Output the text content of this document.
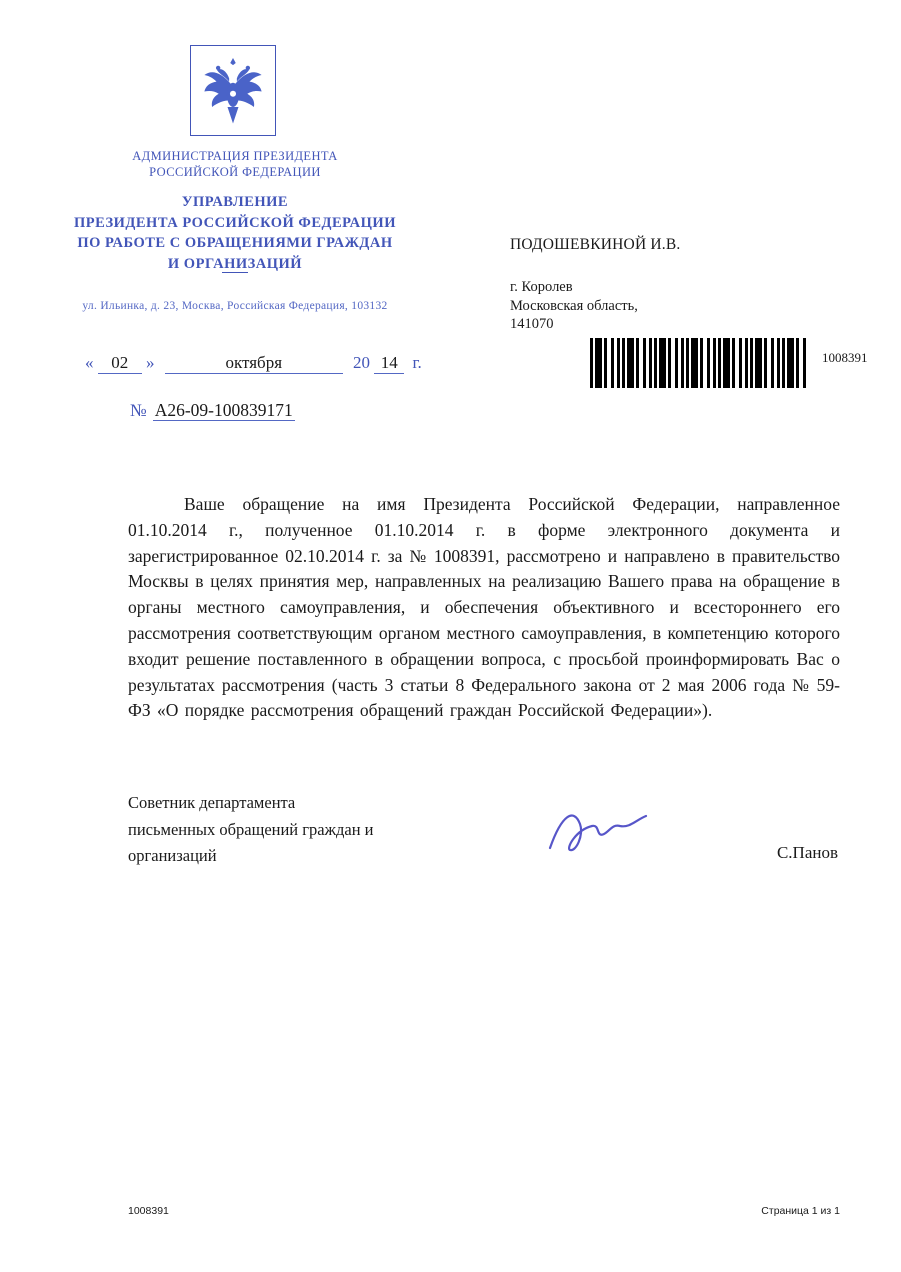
АДМИНИСТРАЦИЯ ПРЕЗИДЕНТА
РОССИЙСКОЙ ФЕДЕРАЦИИ
УПРАВЛЕНИЕ
ПРЕЗИДЕНТА РОССИЙСКОЙ ФЕДЕРАЦИИ
ПО РАБОТЕ С ОБРАЩЕНИЯМИ ГРАЖДАН
И ОРГАНИЗАЦИЙ
ул. Ильинка, д. 23, Москва, Российская Федерация, 103132
ПОДОШЕВКИНОЙ И.В.
г. Королев
Московская область,
141070
« 02 »	октября	20 14 г.
№ А26-09-100839171
1008391
Ваше обращение на имя Президента Российской Федерации, направленное 01.10.2014 г., полученное 01.10.2014 г. в форме электронного документа и зарегистрированное 02.10.2014 г. за № 1008391, рассмотрено и направлено в правительство Москвы в целях принятия мер, направленных на реализацию Вашего права на обращение в органы местного самоуправления, и обеспечения объективного и всестороннего его рассмотрения соответствующим органом местного самоуправления, в компетенцию которого входит решение поставленного в обращении вопроса, с просьбой проинформировать Вас о результатах рассмотрения (часть 3 статьи 8 Федерального закона от 2 мая 2006 года № 59-ФЗ «О порядке рассмотрения обращений граждан Российской Федерации»).
Советник департамента
письменных обращений граждан и
организаций	С.Панов
1008391	Страница 1 из 1
